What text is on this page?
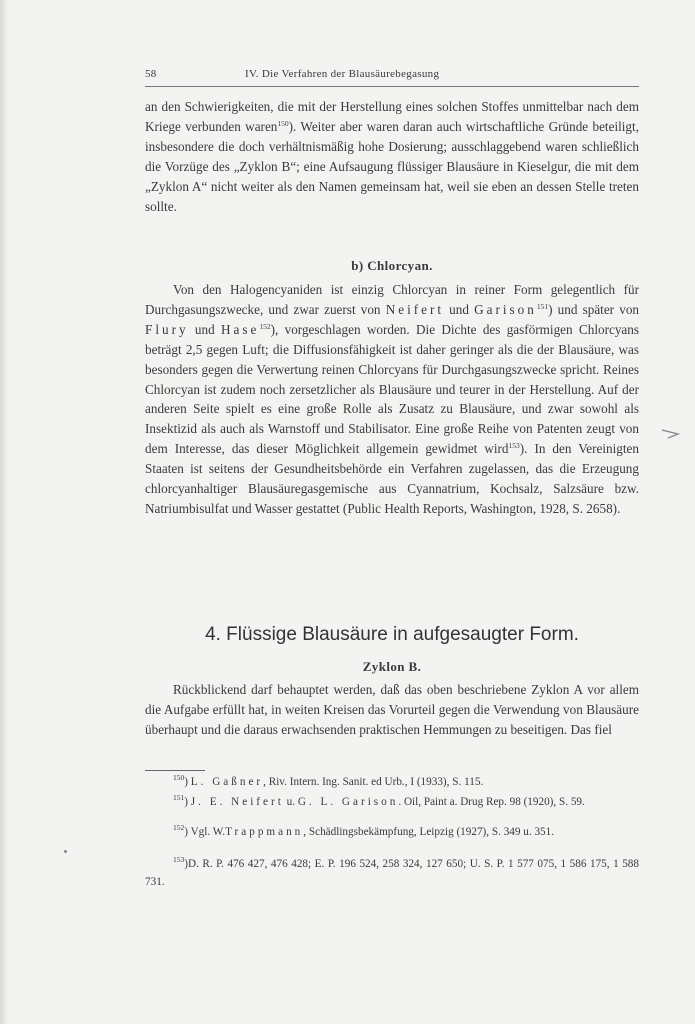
58	IV. Die Verfahren der Blausäurebegasung

an den Schwierigkeiten, die mit der Herstellung eines solchen Stoffes unmittelbar nach dem Kriege verbunden waren$^{150}$). Weiter aber waren daran auch wirtschaftliche Gründe beteiligt, insbesondere die doch verhältnismäßig hohe Dosierung; ausschlaggebend waren schließlich die Vorzüge des „Zyklon B“; eine Aufsaugung flüssiger Blausäure in Kieselgur, die mit dem „Zyklon A“ nicht weiter als den Namen gemeinsam hat, weil sie eben an dessen Stelle treten sollte.

b) Chlorcyan.

Von den Halogencyaniden ist einzig Chlorcyan in reiner Form gelegentlich für Durchgasungszwecke, und zwar zuerst von Neifert und Garison$^{151}$) und später von Flury und Hase$^{152}$), vorgeschlagen worden. Die Dichte des gasförmigen Chlorcyans beträgt 2,5 gegen Luft; die Diffusionsfähigkeit ist daher geringer als die der Blausäure, was besonders gegen die Verwertung reinen Chlorcyans für Durchgasungszwecke spricht. Reines Chlorcyan ist zudem noch zersetzlicher als Blausäure und teurer in der Herstellung. Auf der anderen Seite spielt es eine große Rolle als Zusatz zu Blausäure, und zwar sowohl als Insektizid als auch als Warnstoff und Stabilisator. Eine große Reihe von Patenten zeugt von dem Interesse, das dieser Möglichkeit allgemein gewidmet wird$^{153}$). In den Vereinigten Staaten ist seitens der Gesundheitsbehörde ein Verfahren zugelassen, das die Erzeugung chlorcyanhaltiger Blausäuregasgemische aus Cyannatrium, Kochsalz, Salzsäure bzw. Natriumbisulfat und Wasser gestattet (Public Health Reports, Washington, 1928, S. 2658).

4. Flüssige Blausäure in aufgesaugter Form.
Zyklon B.

Rückblickend darf behauptet werden, daß das oben beschriebene Zyklon A vor allem die Aufgabe erfüllt hat, in weiten Kreisen das Vorurteil gegen die Verwendung von Blausäure überhaupt und die daraus erwachsenden praktischen Hemmungen zu beseitigen. Das fiel

$^{150}$) L. Gaßner, Riv. Intern. Ing. Sanit. ed Urb., I (1933), S. 115.

$^{151}$) J. E. Neifert u. G. L. Garison. Oil, Paint a. Drug Rep. 98 (1920), S. 59.

$^{152}$) Vgl. W.Trappmann, Schädlingsbekämpfung, Leipzig (1927), S. 349 u. 351.

$^{153}$)D. R. P. 476 427, 476 428; E. P. 196 524, 258 324, 127 650; U. S. P. 1 577 075, 1 586 175, 1 588 731.
